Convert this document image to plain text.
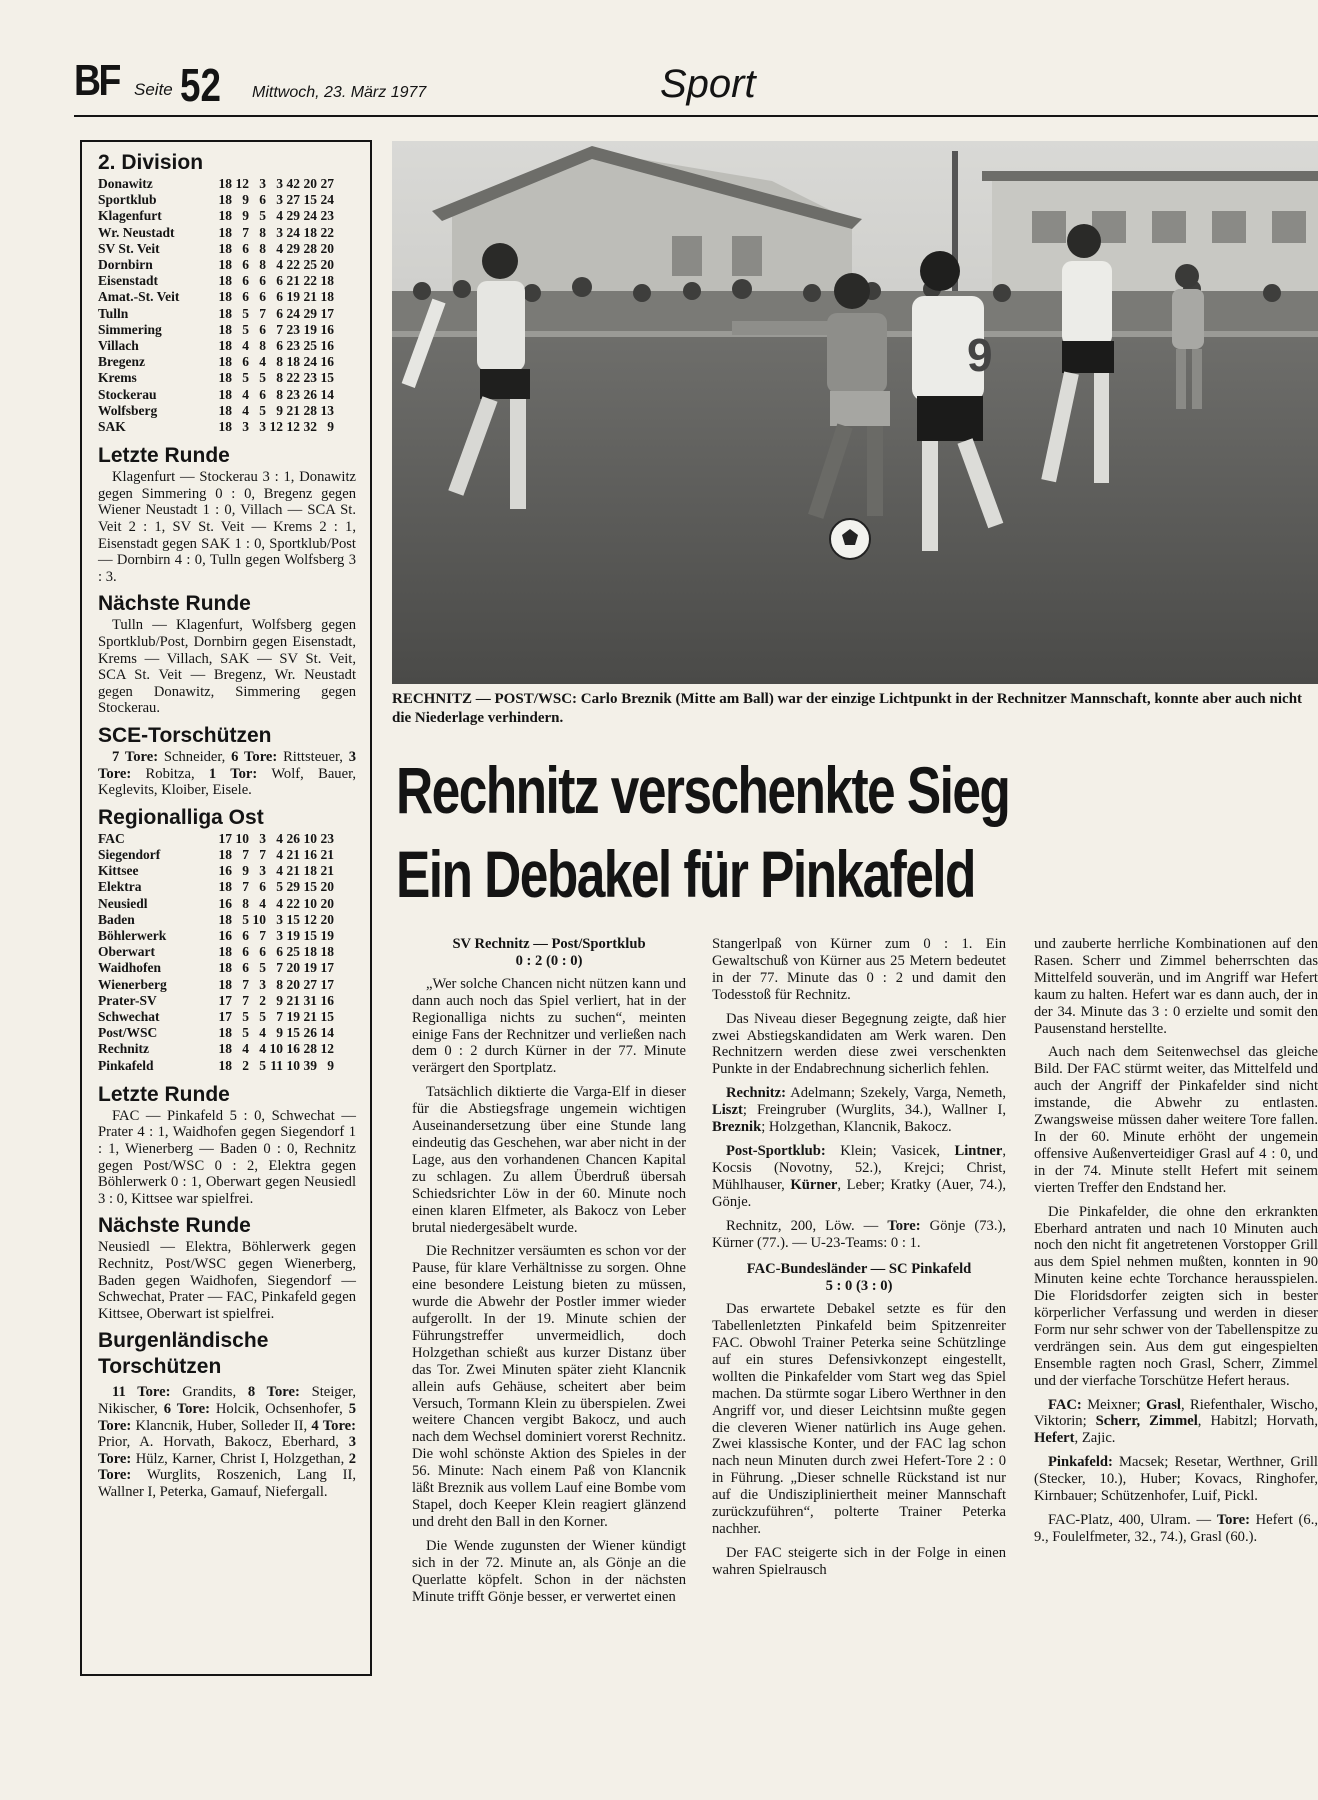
BF Seite 52 Mittwoch, 23. März 1977	Sport
2. Division
Donawitz	18 12 3 3 42 20 27
Sportklub	18 9 6 3 27 15 24
Klagenfurt	18 9 5 4 29 24 23
Wr. Neustadt	18 7 8 3 24 18 22
SV St. Veit	18 6 8 4 29 28 20
Dornbirn	18 6 8 4 22 25 20
Eisenstadt	18 6 6 6 21 22 18
Amat.-St. Veit	18 6 6 6 19 21 18
Tulln	18 5 7 6 24 29 17
Simmering	18 5 6 7 23 19 16
Villach	18 4 8 6 23 25 16
Bregenz	18 6 4 8 18 24 16
Krems	18 5 5 8 22 23 15
Stockerau	18 4 6 8 23 26 14
Wolfsberg	18 4 5 9 21 28 13
SAK	18 3 3 12 12 32 9
Letzte Runde

Klagenfurt — Stockerau 3 : 1, Donawitz gegen Simmering 0 : 0, Bregenz gegen Wiener Neustadt 1 : 0, Villach — SCA St. Veit 2 : 1, SV St. Veit — Krems 2 : 1, Eisenstadt gegen SAK 1 : 0, Sportklub/Post — Dornbirn 4 : 0, Tulln gegen Wolfsberg 3 : 3.

Nächste Runde

Tulln — Klagenfurt, Wolfsberg gegen Sportklub/Post, Dornbirn gegen Eisenstadt, Krems — Villach, SAK — SV St. Veit, SCA St. Veit — Bregenz, Wr. Neustadt gegen Donawitz, Simmering gegen Stockerau.

SCE-Torschützen

7 Tore: Schneider, 6 Tore: Rittsteuer, 3 Tore: Robitza, 1 Tor: Wolf, Bauer, Keglevits, Kloiber, Eisele.

Regionalliga Ost
FAC	17 10 3 4 26 10 23
Siegendorf	18 7 7 4 21 16 21
Kittsee	16 9 3 4 21 18 21
Elektra	18 7 6 5 29 15 20
Neusiedl	16 8 4 4 22 10 20
Baden	18 5 10 3 15 12 20
Böhlerwerk	16 6 7 3 19 15 19
Oberwart	18 6 6 6 25 18 18
Waidhofen	18 6 5 7 20 19 17
Wienerberg	18 7 3 8 20 27 17
Prater-SV	17 7 2 9 21 31 16
Schwechat	17 5 5 7 19 21 15
Post/WSC	18 5 4 9 15 26 14
Rechnitz	18 4 4 10 16 28 12
Pinkafeld	18 2 5 11 10 39 9
Letzte Runde

FAC — Pinkafeld 5 : 0, Schwechat — Prater 4 : 1, Waidhofen gegen Siegendorf 1 : 1, Wienerberg — Baden 0 : 0, Rechnitz gegen Post/WSC 0 : 2, Elektra gegen Böhlerwerk 0 : 1, Oberwart gegen Neusiedl 3 : 0, Kittsee war spielfrei.

Nächste Runde

Neusiedl — Elektra, Böhlerwerk gegen Rechnitz, Post/WSC gegen Wienerberg, Baden gegen Waidhofen, Siegendorf — Schwechat, Prater — FAC, Pinkafeld gegen Kittsee, Oberwart ist spielfrei.

Burgenländische
Torschützen

11 Tore: Grandits, 8 Tore: Steiger, Nikischer, 6 Tore: Holcik, Ochsenhofer, 5 Tore: Klancnik, Huber, Solleder II, 4 Tore: Prior, A. Horvath, Bakocz, Eberhard, 3 Tore: Hülz, Karner, Christ I, Holzgethan, 2 Tore: Wurglits, Roszenich, Lang II, Wallner I, Peterka, Gamauf, Niefergall.

9
RECHNITZ — POST/WSC: Carlo Breznik (Mitte am Ball) war der einzige Lichtpunkt in der Rechnitzer Mannschaft, konnte aber auch nicht die Niederlage verhindern.
Rechnitz verschenkte Sieg
Ein Debakel für Pinkafeld

SV Rechnitz — Post/Sportklub
0 : 2 (0 : 0)

„Wer solche Chancen nicht nützen kann und dann auch noch das Spiel verliert, hat in der Regionalliga nichts zu suchen“, meinten einige Fans der Rechnitzer und verließen nach dem 0 : 2 durch Kürner in der 77. Minute verärgert den Sportplatz.

Tatsächlich diktierte die Varga-Elf in dieser für die Abstiegsfrage ungemein wichtigen Auseinandersetzung über eine Stunde lang eindeutig das Geschehen, war aber nicht in der Lage, aus den vorhandenen Chancen Kapital zu schlagen. Zu allem Überdruß übersah Schiedsrichter Löw in der 60. Minute noch einen klaren Elfmeter, als Bakocz von Leber brutal niedergesäbelt wurde.

Die Rechnitzer versäumten es schon vor der Pause, für klare Verhältnisse zu sorgen. Ohne eine besondere Leistung bieten zu müssen, wurde die Abwehr der Postler immer wieder aufgerollt. In der 19. Minute schien der Führungstreffer unvermeidlich, doch Holzgethan schießt aus kurzer Distanz über das Tor. Zwei Minuten später zieht Klancnik allein aufs Gehäuse, scheitert aber beim Versuch, Tormann Klein zu überspielen. Zwei weitere Chancen vergibt Bakocz, und auch nach dem Wechsel dominiert vorerst Rechnitz. Die wohl schönste Aktion des Spieles in der 56. Minute: Nach einem Paß von Klancnik läßt Breznik aus vollem Lauf eine Bombe vom Stapel, doch Keeper Klein reagiert glänzend und dreht den Ball in den Korner.

Die Wende zugunsten der Wiener kündigt sich in der 72. Minute an, als Gönje an die Querlatte köpfelt. Schon in der nächsten Minute trifft Gönje besser, er verwertet einen

Stangerlpaß von Kürner zum 0 : 1. Ein Gewaltschuß von Kürner aus 25 Metern bedeutet in der 77. Minute das 0 : 2 und damit den Todesstoß für Rechnitz.

Das Niveau dieser Begegnung zeigte, daß hier zwei Abstiegskandidaten am Werk waren. Den Rechnitzern werden diese zwei verschenkten Punkte in der Endabrechnung sicherlich fehlen.

Rechnitz: Adelmann; Szekely, Varga, Nemeth, Liszt; Freingruber (Wurglits, 34.), Wallner I, Breznik; Holzgethan, Klancnik, Bakocz.

Post-Sportklub: Klein; Vasicek, Lintner, Kocsis (Novotny, 52.), Krejci; Christ, Mühlhauser, Kürner, Leber; Kratky (Auer, 74.), Gönje.

Rechnitz, 200, Löw. — Tore: Gönje (73.), Kürner (77.). — U-23-Teams: 0 : 1.

FAC-Bundesländer — SC Pinkafeld
5 : 0 (3 : 0)

Das erwartete Debakel setzte es für den Tabellenletzten Pinkafeld beim Spitzenreiter FAC. Obwohl Trainer Peterka seine Schützlinge auf ein stures Defensivkonzept eingestellt, wollten die Pinkafelder vom Start weg das Spiel machen. Da stürmte sogar Libero Werthner in den Angriff vor, und dieser Leichtsinn mußte gegen die cleveren Wiener natürlich ins Auge gehen. Zwei klassische Konter, und der FAC lag schon nach neun Minuten durch zwei Hefert-Tore 2 : 0 in Führung. „Dieser schnelle Rückstand ist nur auf die Undiszipliniertheit meiner Mannschaft zurückzuführen“, polterte Trainer Peterka nachher.

Der FAC steigerte sich in der Folge in einen wahren Spielrausch

und zauberte herrliche Kombinationen auf den Rasen. Scherr und Zimmel beherrschten das Mittelfeld souverän, und im Angriff war Hefert kaum zu halten. Hefert war es dann auch, der in der 34. Minute das 3 : 0 erzielte und somit den Pausenstand herstellte.

Auch nach dem Seitenwechsel das gleiche Bild. Der FAC stürmt weiter, das Mittelfeld und auch der Angriff der Pinkafelder sind nicht imstande, die Abwehr zu entlasten. Zwangsweise müssen daher weitere Tore fallen. In der 60. Minute erhöht der ungemein offensive Außenverteidiger Grasl auf 4 : 0, und in der 74. Minute stellt Hefert mit seinem vierten Treffer den Endstand her.

Die Pinkafelder, die ohne den erkrankten Eberhard antraten und nach 10 Minuten auch noch den nicht fit angetretenen Vorstopper Grill aus dem Spiel nehmen mußten, konnten in 90 Minuten keine echte Torchance herausspielen. Die Floridsdorfer zeigten sich in bester körperlicher Verfassung und werden in dieser Form nur sehr schwer von der Tabellenspitze zu verdrängen sein. Aus dem gut eingespielten Ensemble ragten noch Grasl, Scherr, Zimmel und der vierfache Torschütze Hefert heraus.

FAC: Meixner; Grasl, Riefenthaler, Wischo, Viktorin; Scherr, Zimmel, Habitzl; Horvath, Hefert, Zajic.

Pinkafeld: Macsek; Resetar, Werthner, Grill (Stecker, 10.), Huber; Kovacs, Ringhofer, Kirnbauer; Schützenhofer, Luif, Pickl.

FAC-Platz, 400, Ulram. — Tore: Hefert (6., 9., Foulelfmeter, 32., 74.), Grasl (60.).
